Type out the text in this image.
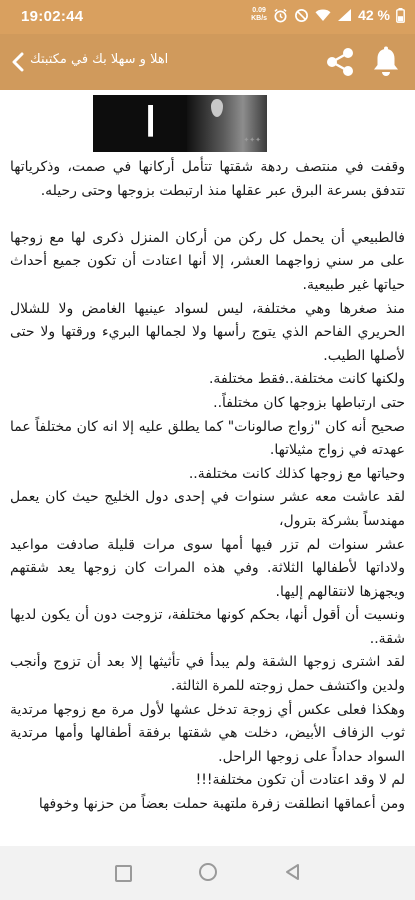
19:02:44	0.09
KB/s	42 %
اهلا و سهلا بك في مكتبتك
ا	✦✦✦

وقفت في منتصف ردهة شقتها تتأمل أركانها في صمت، وذكرياتها تتدفق بسرعة البرق عبر عقلها منذ ارتبطت بزوجها وحتى رحيله.

فالطبيعي أن يحمل كل ركن من أركان المنزل ذكرى لها مع زوجها على مر سني زواجهما العشر، إلا أنها اعتادت أن تكون جميع أحداث حياتها غير طبيعية.
منذ صغرها وهي مختلفة، ليس لسواد عينيها الغامض ولا للشلال الحريري الفاحم الذي يتوج رأسها ولا لجمالها البريء ورقتها ولا حتى لأصلها الطيب.
ولكنها كانت مختلفة..فقط مختلفة.
حتى ارتباطها بزوجها كان مختلفاً..
صحيح أنه كان "زواج صالونات" كما يطلق عليه إلا انه كان مختلفاً عما عهدته في زواج مثيلاتها.
وحياتها مع زوجها كذلك كانت مختلفة..
لقد عاشت معه عشر سنوات في إحدى دول الخليج حيث كان يعمل مهندساً بشركة بترول،
عشر سنوات لم تزر فيها أمها سوى مرات قليلة صادفت مواعيد ولاداتها لأطفالها الثلاثة. وفي هذه المرات كان زوجها يعد شقتهم ويجهزها لانتقالهم إليها.
ونسيت أن أقول أنها، بحكم كونها مختلفة، تزوجت دون أن يكون لديها شقة..
لقد اشترى زوجها الشقة ولم يبدأ في تأثيثها إلا بعد أن تزوج وأنجب ولدين واكتشف حمل زوجته للمرة الثالثة.
وهكذا فعلى عكس أي زوجة تدخل عشها لأول مرة مع زوجها مرتدية ثوب الزفاف الأبيض، دخلت هي شقتها برفقة أطفالها وأمها مرتدية السواد حداداً على زوجها الراحل.
لم لا وقد اعتادت أن تكون مختلفة!!!
ومن أعماقها انطلقت زفرة ملتهبة حملت بعضاً من حزنها وخوفها
